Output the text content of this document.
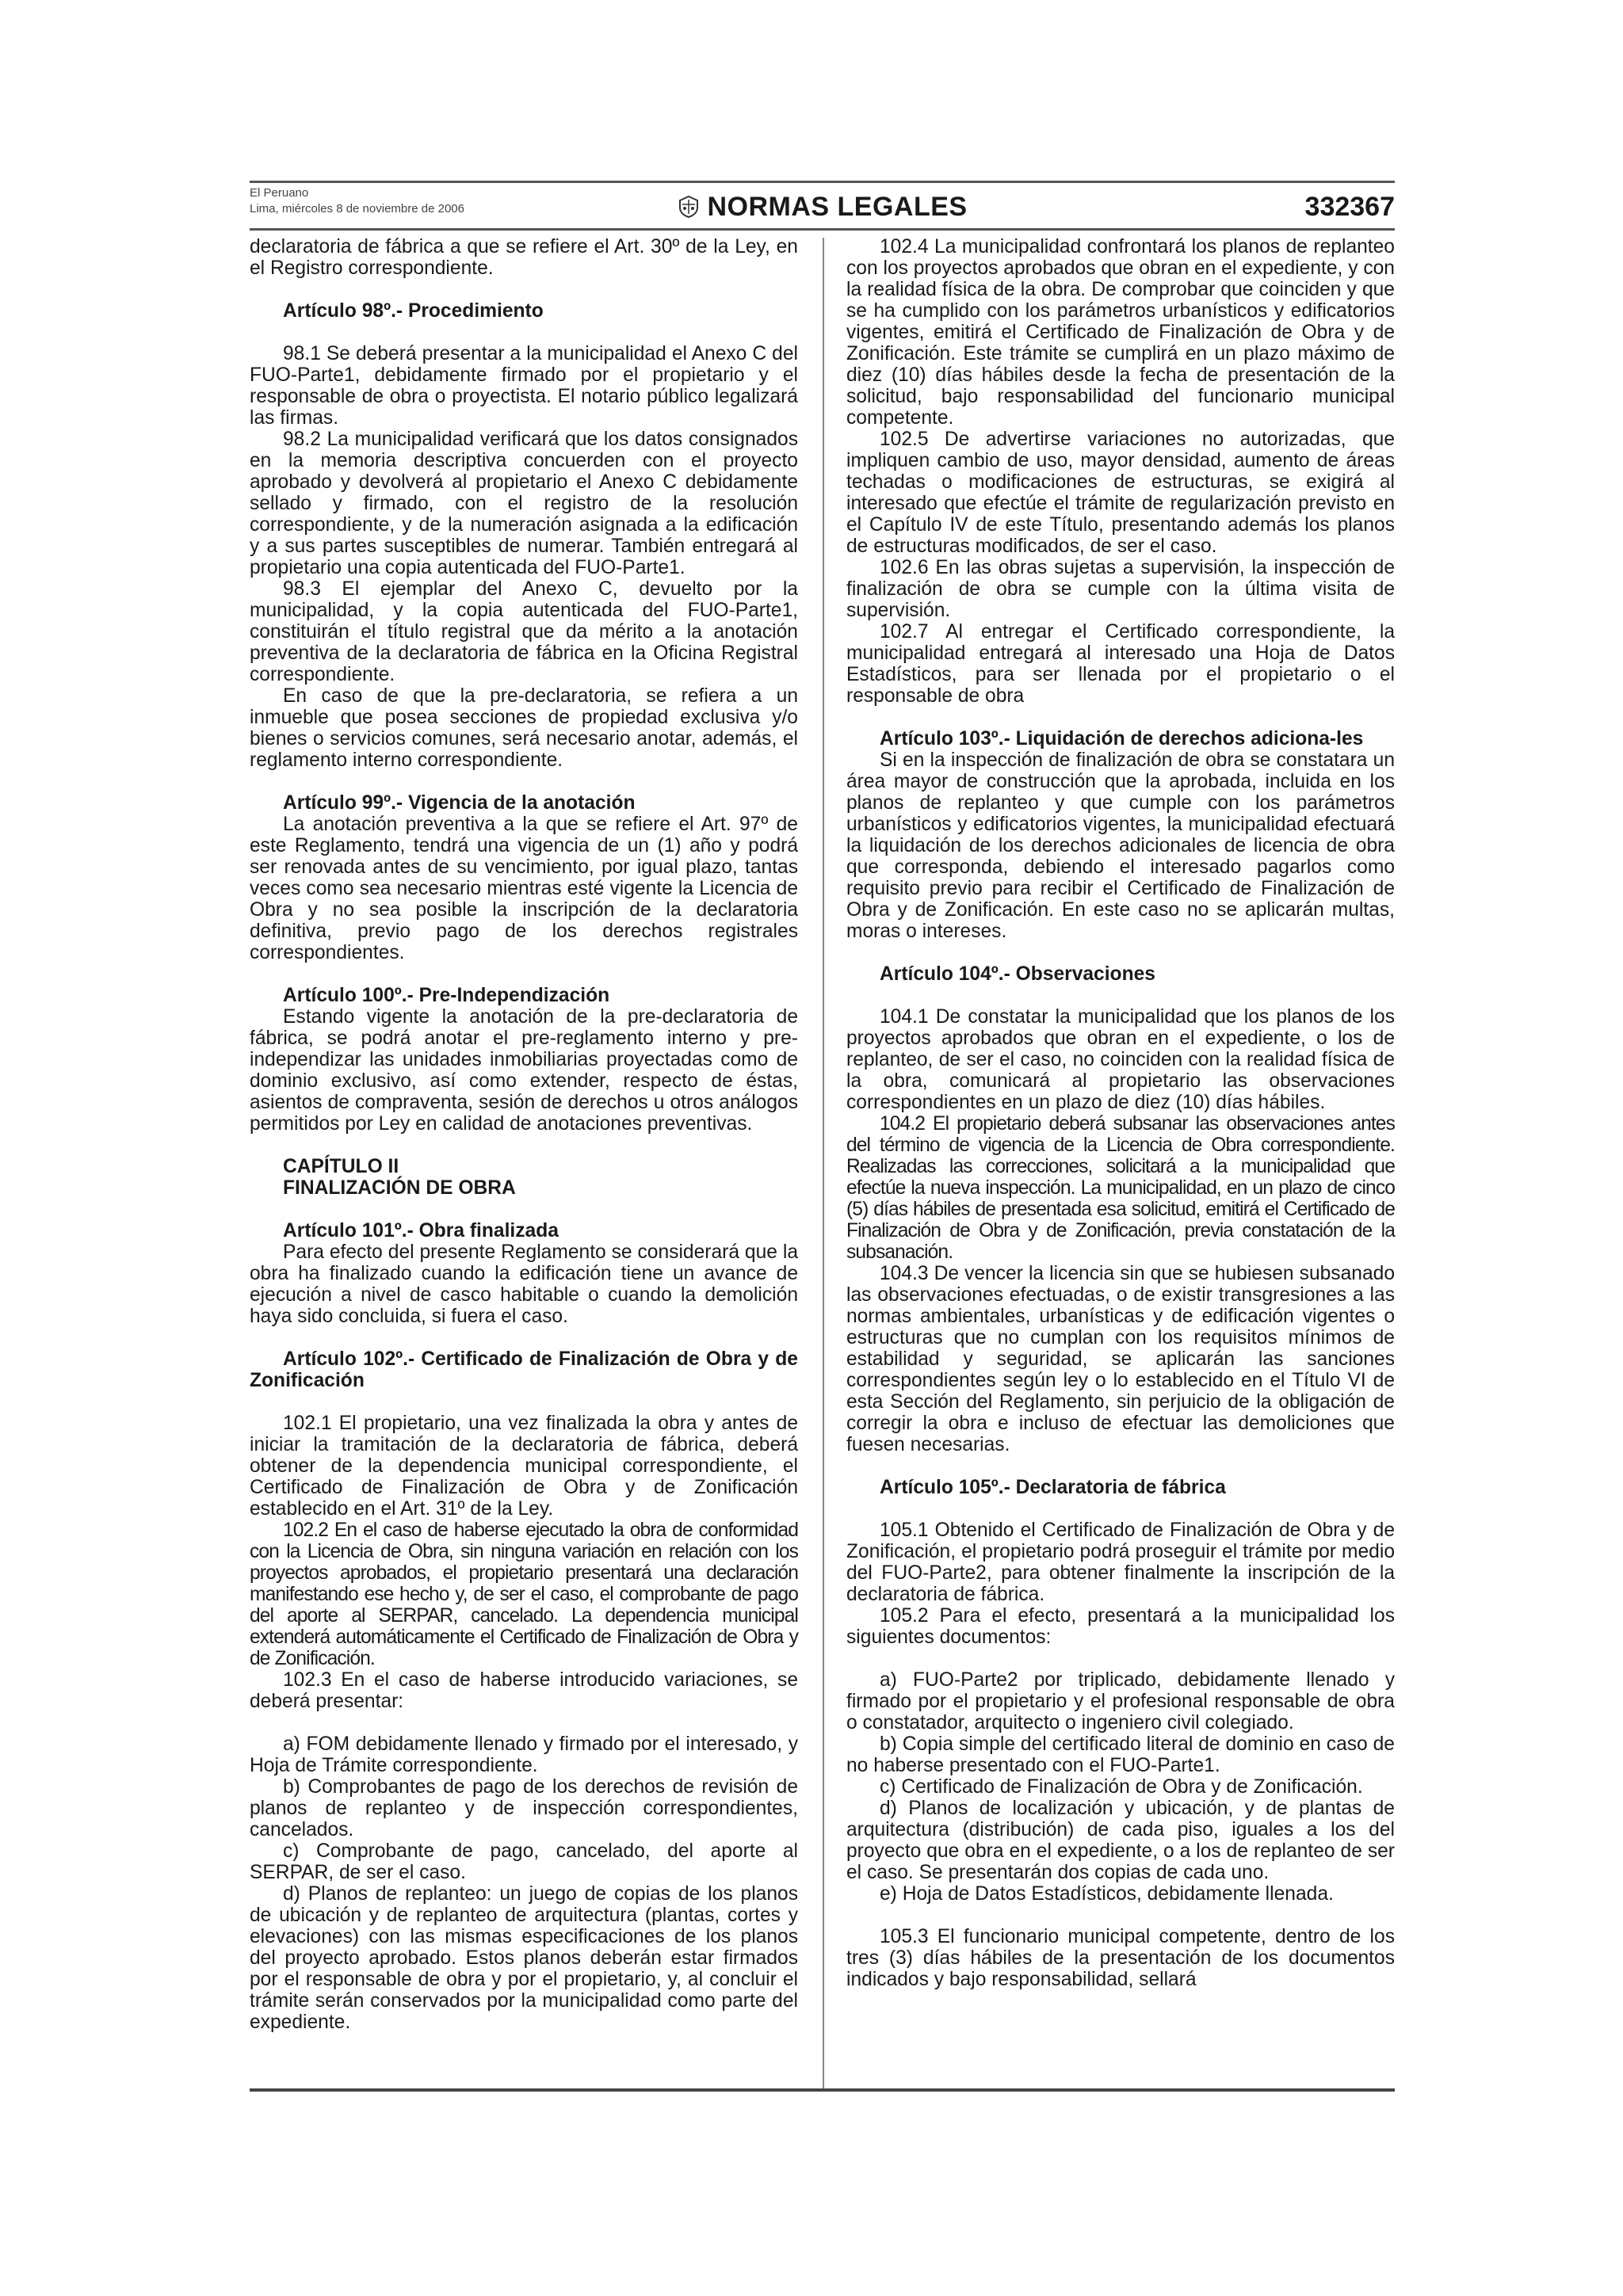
El Peruano
Lima, miércoles 8 de noviembre de 2006	NORMAS LEGALES	332367

declaratoria de fábrica a que se refiere el Art. 30º de la Ley, en el Registro correspondiente.

Artículo 98º.- Procedimiento

98.1 Se deberá presentar a la municipalidad el Anexo C del FUO-Parte1, debidamente firmado por el propietario y el responsable de obra o proyectista. El notario público legalizará las firmas.

98.2 La municipalidad verificará que los datos consignados en la memoria descriptiva concuerden con el proyecto aprobado y devolverá al propietario el Anexo C debidamente sellado y firmado, con el registro de la resolución correspondiente, y de la numeración asignada a la edificación y a sus partes susceptibles de numerar. También entregará al propietario una copia autenticada del FUO-Parte1.

98.3 El ejemplar del Anexo C, devuelto por la municipalidad, y la copia autenticada del FUO-Parte1, constituirán el título registral que da mérito a la anotación preventiva de la declaratoria de fábrica en la Oficina Registral correspondiente.

En caso de que la pre-declaratoria, se refiera a un inmueble que posea secciones de propiedad exclusiva y/o bienes o servicios comunes, será necesario anotar, además, el reglamento interno correspondiente.

Artículo 99º.- Vigencia de la anotación

La anotación preventiva a la que se refiere el Art. 97º de este Reglamento, tendrá una vigencia de un (1) año y podrá ser renovada antes de su vencimiento, por igual plazo, tantas veces como sea necesario mientras esté vigente la Licencia de Obra y no sea posible la inscripción de la declaratoria definitiva, previo pago de los derechos registrales correspondientes.

Artículo 100º.- Pre-Independización

Estando vigente la anotación de la pre-declaratoria de fábrica, se podrá anotar el pre-reglamento interno y pre-independizar las unidades inmobiliarias proyectadas como de dominio exclusivo, así como extender, respecto de éstas, asientos de compraventa, sesión de derechos u otros análogos permitidos por Ley en calidad de anotaciones preventivas.

CAPÍTULO II
FINALIZACIÓN DE OBRA
Artículo 101º.- Obra finalizada

Para efecto del presente Reglamento se considerará que la obra ha finalizado cuando la edificación tiene un avance de ejecución a nivel de casco habitable o cuando la demolición haya sido concluida, si fuera el caso.

Artículo 102º.- Certificado de Finalización de Obra y de Zonificación

102.1 El propietario, una vez finalizada la obra y antes de iniciar la tramitación de la declaratoria de fábrica, deberá obtener de la dependencia municipal correspondiente, el Certificado de Finalización de Obra y de Zonificación establecido en el Art. 31º de la Ley.

102.2 En el caso de haberse ejecutado la obra de conformidad con la Licencia de Obra, sin ninguna variación en relación con los proyectos aprobados, el propietario presentará una declaración manifestando ese hecho y, de ser el caso, el comprobante de pago del aporte al SERPAR, cancelado. La dependencia municipal extenderá automáticamente el Certificado de Finalización de Obra y de Zonificación.

102.3 En el caso de haberse introducido variaciones, se deberá presentar:

a) FOM debidamente llenado y firmado por el interesado, y Hoja de Trámite correspondiente.

b) Comprobantes de pago de los derechos de revisión de planos de replanteo y de inspección correspondientes, cancelados.

c) Comprobante de pago, cancelado, del aporte al SERPAR, de ser el caso.

d) Planos de replanteo: un juego de copias de los planos de ubicación y de replanteo de arquitectura (plantas, cortes y elevaciones) con las mismas especificaciones de los planos del proyecto aprobado. Estos planos deberán estar firmados por el responsable de obra y por el propietario, y, al concluir el trámite serán conservados por la municipalidad como parte del expediente.

102.4 La municipalidad confrontará los planos de replanteo con los proyectos aprobados que obran en el expediente, y con la realidad física de la obra. De comprobar que coinciden y que se ha cumplido con los parámetros urbanísticos y edificatorios vigentes, emitirá el Certificado de Finalización de Obra y de Zonificación. Este trámite se cumplirá en un plazo máximo de diez (10) días hábiles desde la fecha de presentación de la solicitud, bajo responsabilidad del funcionario municipal competente.

102.5 De advertirse variaciones no autorizadas, que impliquen cambio de uso, mayor densidad, aumento de áreas techadas o modificaciones de estructuras, se exigirá al interesado que efectúe el trámite de regularización previsto en el Capítulo IV de este Título, presentando además los planos de estructuras modificados, de ser el caso.

102.6 En las obras sujetas a supervisión, la inspección de finalización de obra se cumple con la última visita de supervisión.

102.7 Al entregar el Certificado correspondiente, la municipalidad entregará al interesado una Hoja de Datos Estadísticos, para ser llenada por el propietario o el responsable de obra

Artículo 103º.- Liquidación de derechos adiciona-les

Si en la inspección de finalización de obra se constatara un área mayor de construcción que la aprobada, incluida en los planos de replanteo y que cumple con los parámetros urbanísticos y edificatorios vigentes, la municipalidad efectuará la liquidación de los derechos adicionales de licencia de obra que corresponda, debiendo el interesado pagarlos como requisito previo para recibir el Certificado de Finalización de Obra y de Zonificación. En este caso no se aplicarán multas, moras o intereses.

Artículo 104º.- Observaciones

104.1 De constatar la municipalidad que los planos de los proyectos aprobados que obran en el expediente, o los de replanteo, de ser el caso, no coinciden con la realidad física de la obra, comunicará al propietario las observaciones correspondientes en un plazo de diez (10) días hábiles.

104.2 El propietario deberá subsanar las observaciones antes del término de vigencia de la Licencia de Obra correspondiente. Realizadas las correcciones, solicitará a la municipalidad que efectúe la nueva inspección. La municipalidad, en un plazo de cinco (5) días hábiles de presentada esa solicitud, emitirá el Certificado de Finalización de Obra y de Zonificación, previa constatación de la subsanación.

104.3 De vencer la licencia sin que se hubiesen subsanado las observaciones efectuadas, o de existir transgresiones a las normas ambientales, urbanísticas y de edificación vigentes o estructuras que no cumplan con los requisitos mínimos de estabilidad y seguridad, se aplicarán las sanciones correspondientes según ley o lo establecido en el Título VI de esta Sección del Reglamento, sin perjuicio de la obligación de corregir la obra e incluso de efectuar las demoliciones que fuesen necesarias.

Artículo 105º.- Declaratoria de fábrica

105.1 Obtenido el Certificado de Finalización de Obra y de Zonificación, el propietario podrá proseguir el trámite por medio del FUO-Parte2, para obtener finalmente la inscripción de la declaratoria de fábrica.

105.2 Para el efecto, presentará a la municipalidad los siguientes documentos:

a) FUO-Parte2 por triplicado, debidamente llenado y firmado por el propietario y el profesional responsable de obra o constatador, arquitecto o ingeniero civil colegiado.

b) Copia simple del certificado literal de dominio en caso de no haberse presentado con el FUO-Parte1.

c) Certificado de Finalización de Obra y de Zonificación.

d) Planos de localización y ubicación, y de plantas de arquitectura (distribución) de cada piso, iguales a los del proyecto que obra en el expediente, o a los de replanteo de ser el caso. Se presentarán dos copias de cada uno.

e) Hoja de Datos Estadísticos, debidamente llenada.

105.3 El funcionario municipal competente, dentro de los tres (3) días hábiles de la presentación de los documentos indicados y bajo responsabilidad, sellará
